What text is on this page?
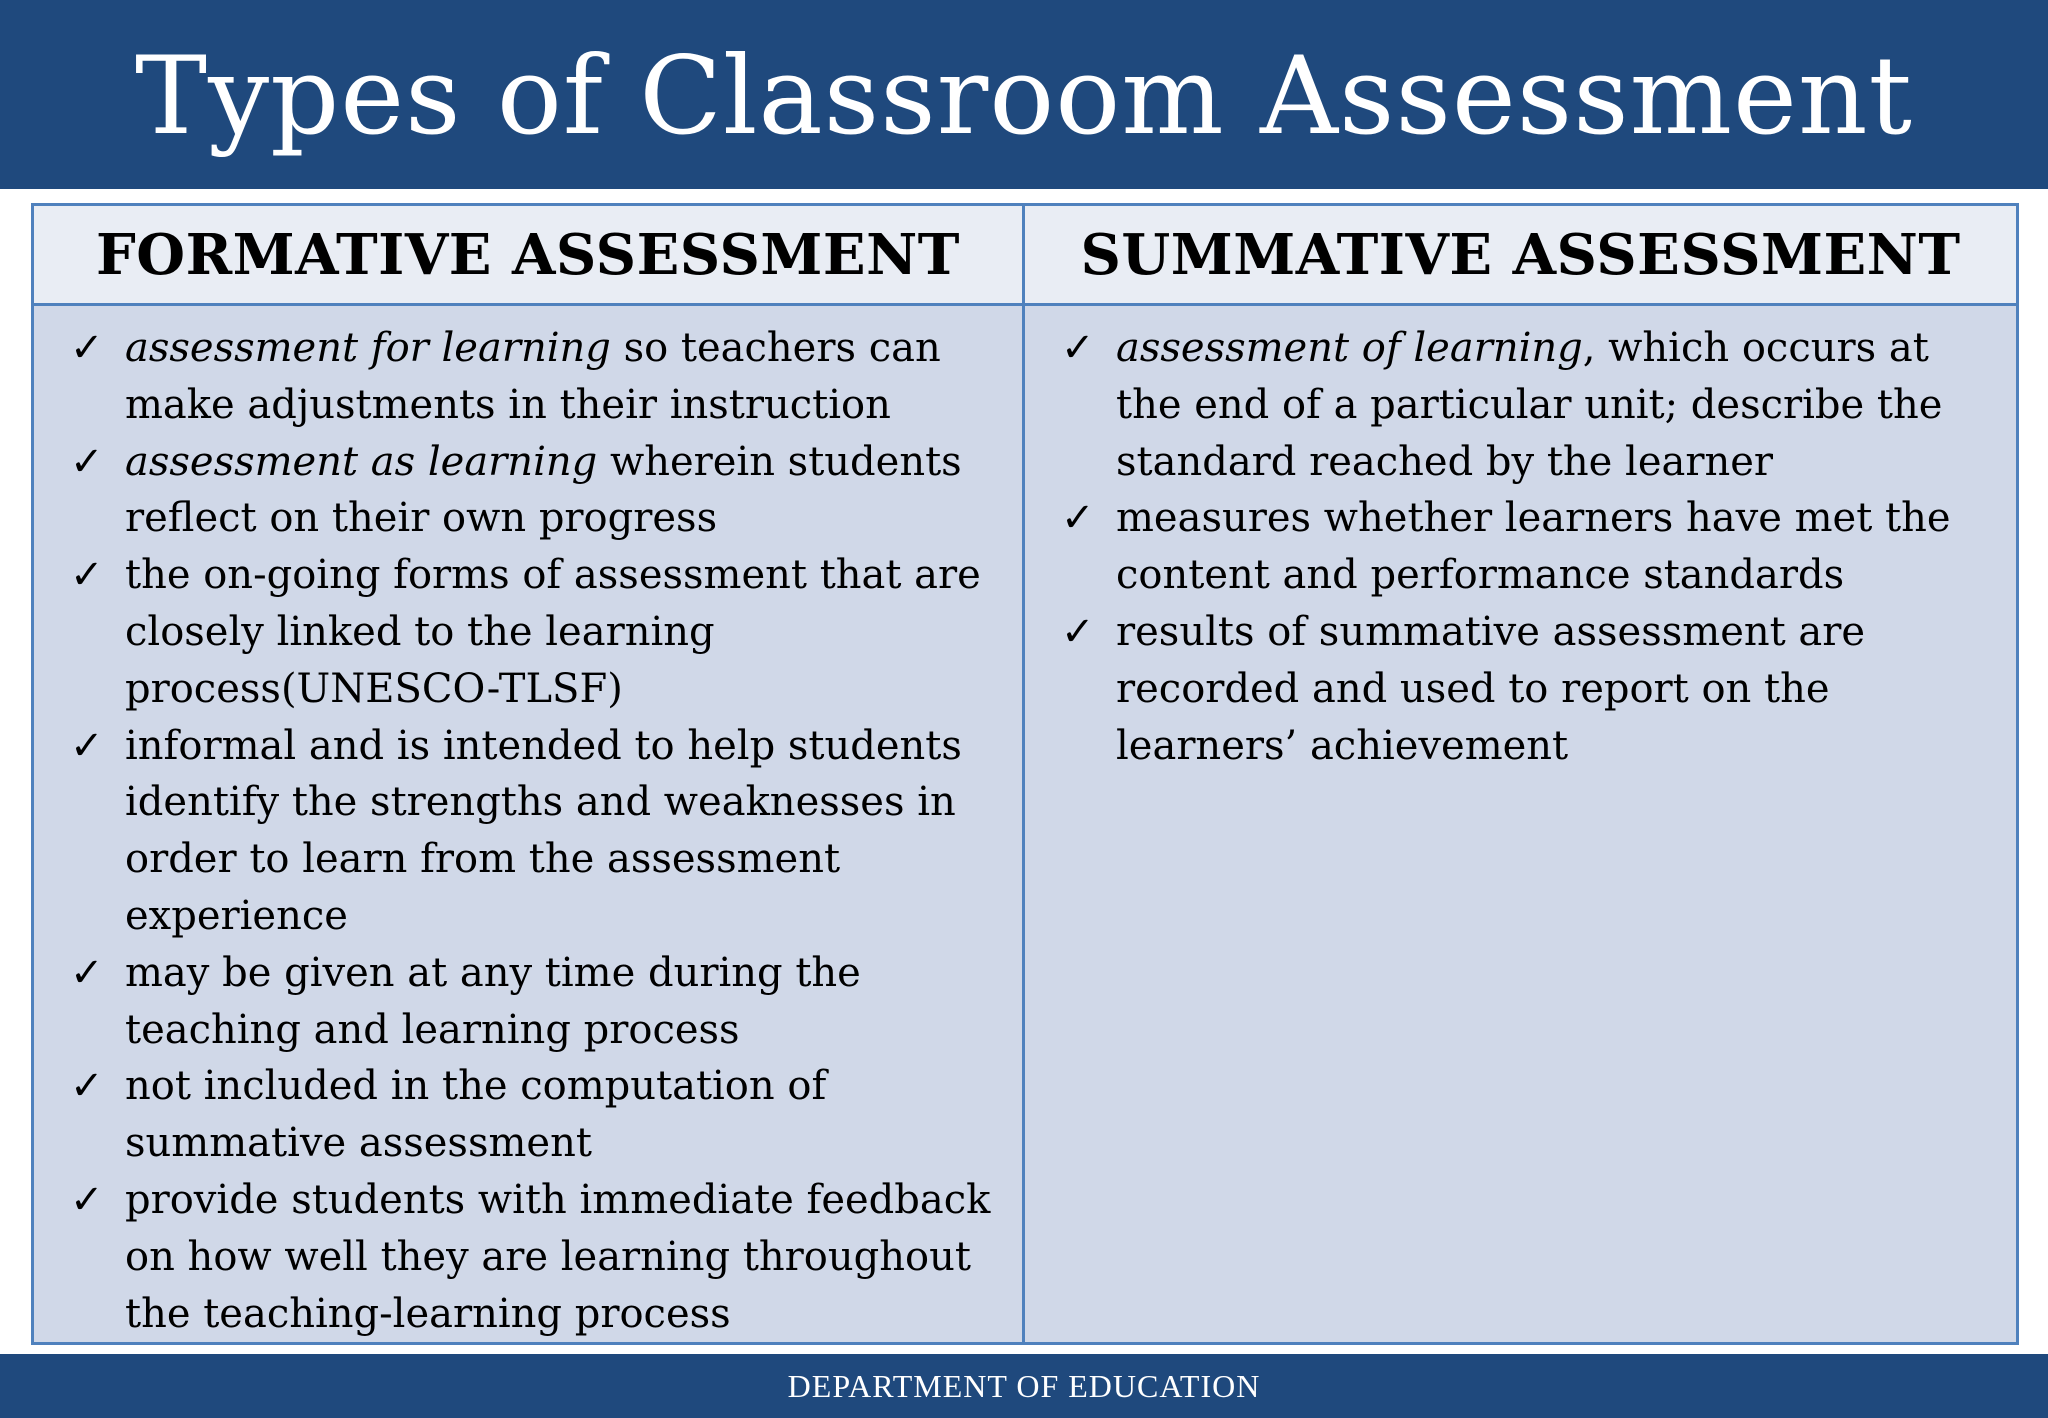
Types of Classroom Assessment
FORMATIVE ASSESSMENT SUMMATIVE ASSESSMENT
✓ assessment for learning so teachers can make adjustments in their instruction
✓ assessment as learning wherein students reflect on their own progress
✓ the on-going forms of assessment that are closely linked to the learning process(UNESCO-TLSF)
✓ informal and is intended to help students identify the strengths and weaknesses in order to learn from the assessment experience
✓ may be given at any time during the teaching and learning process
✓ not included in the computation of summative assessment
✓ provide students with immediate feedback on how well they are learning throughout the teaching-learning process
✓ assessment of learning, which occurs at the end of a particular unit; describe the standard reached by the learner
✓ measures whether learners have met the content and performance standards
✓ results of summative assessment are recorded and used to report on the learners’ achievement
DEPARTMENT OF EDUCATION
